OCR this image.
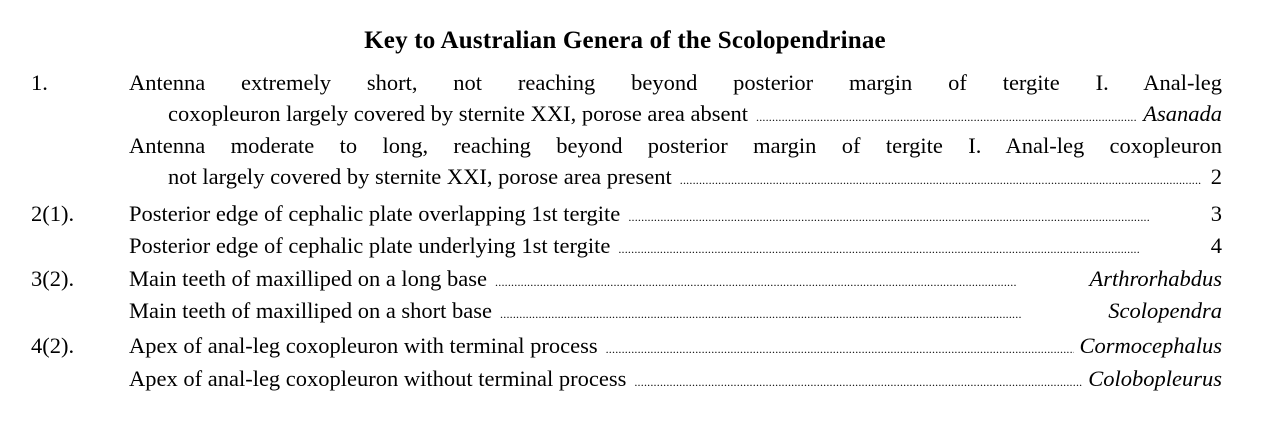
Key to Australian Genera of the Scolopendrinae
1.	Antenna extremely short, not reaching beyond posterior margin of tergite I. Anal-leg
coxopleuron largely covered by sternite XXI, porose area absent . . .	Asanada
Antenna moderate to long, reaching beyond posterior margin of tergite I. Anal-leg coxopleuron
not largely covered by sternite XXI, porose area present . . .	2
2(1).	Posterior edge of cephalic plate overlapping 1st tergite . . .	3
Posterior edge of cephalic plate underlying 1st tergite . . .	4
3(2).	Main teeth of maxilliped on a long base . . .	Arthrorhabdus
Main teeth of maxilliped on a short base . . .	Scolopendra
4(2).	Apex of anal-leg coxopleuron with terminal process . . .	Cormocephalus
Apex of anal-leg coxopleuron without terminal process . . .	Colobopleurus
